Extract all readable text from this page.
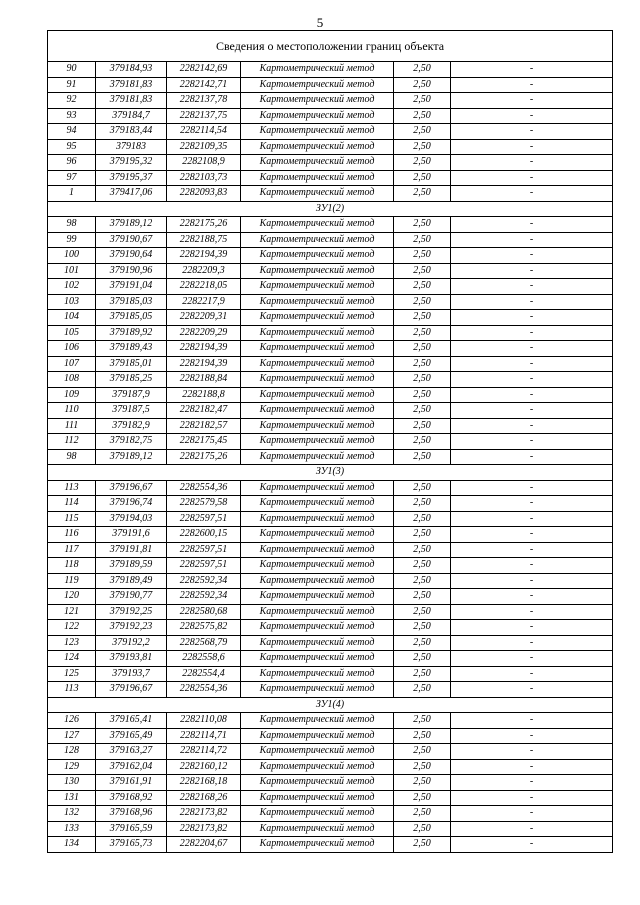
5
Сведения о местоположении границ объекта					
90	379184,93	2282142,69	Картометрический метод	2,50	-
91	379181,83	2282142,71	Картометрический метод	2,50	-
92	379181,83	2282137,78	Картометрический метод	2,50	-
93	379184,7	2282137,75	Картометрический метод	2,50	-
94	379183,44	2282114,54	Картометрический метод	2,50	-
95	379183	2282109,35	Картометрический метод	2,50	-
96	379195,32	2282108,9	Картометрический метод	2,50	-
97	379195,37	2282103,73	Картометрический метод	2,50	-
1	379417,06	2282093,83	Картометрический метод	2,50	-
ЗУ1(2)					
98	379189,12	2282175,26	Картометрический метод	2,50	-
99	379190,67	2282188,75	Картометрический метод	2,50	-
100	379190,64	2282194,39	Картометрический метод	2,50	-
101	379190,96	2282209,3	Картометрический метод	2,50	-
102	379191,04	2282218,05	Картометрический метод	2,50	-
103	379185,03	2282217,9	Картометрический метод	2,50	-
104	379185,05	2282209,31	Картометрический метод	2,50	-
105	379189,92	2282209,29	Картометрический метод	2,50	-
106	379189,43	2282194,39	Картометрический метод	2,50	-
107	379185,01	2282194,39	Картометрический метод	2,50	-
108	379185,25	2282188,84	Картометрический метод	2,50	-
109	379187,9	2282188,8	Картометрический метод	2,50	-
110	379187,5	2282182,47	Картометрический метод	2,50	-
111	379182,9	2282182,57	Картометрический метод	2,50	-
112	379182,75	2282175,45	Картометрический метод	2,50	-
98	379189,12	2282175,26	Картометрический метод	2,50	-
ЗУ1(3)					
113	379196,67	2282554,36	Картометрический метод	2,50	-
114	379196,74	2282579,58	Картометрический метод	2,50	-
115	379194,03	2282597,51	Картометрический метод	2,50	-
116	379191,6	2282600,15	Картометрический метод	2,50	-
117	379191,81	2282597,51	Картометрический метод	2,50	-
118	379189,59	2282597,51	Картометрический метод	2,50	-
119	379189,49	2282592,34	Картометрический метод	2,50	-
120	379190,77	2282592,34	Картометрический метод	2,50	-
121	379192,25	2282580,68	Картометрический метод	2,50	-
122	379192,23	2282575,82	Картометрический метод	2,50	-
123	379192,2	2282568,79	Картометрический метод	2,50	-
124	379193,81	2282558,6	Картометрический метод	2,50	-
125	379193,7	2282554,4	Картометрический метод	2,50	-
113	379196,67	2282554,36	Картометрический метод	2,50	-
ЗУ1(4)					
126	379165,41	2282110,08	Картометрический метод	2,50	-
127	379165,49	2282114,71	Картометрический метод	2,50	-
128	379163,27	2282114,72	Картометрический метод	2,50	-
129	379162,04	2282160,12	Картометрический метод	2,50	-
130	379161,91	2282168,18	Картометрический метод	2,50	-
131	379168,92	2282168,26	Картометрический метод	2,50	-
132	379168,96	2282173,82	Картометрический метод	2,50	-
133	379165,59	2282173,82	Картометрический метод	2,50	-
134	379165,73	2282204,67	Картометрический метод	2,50	-
